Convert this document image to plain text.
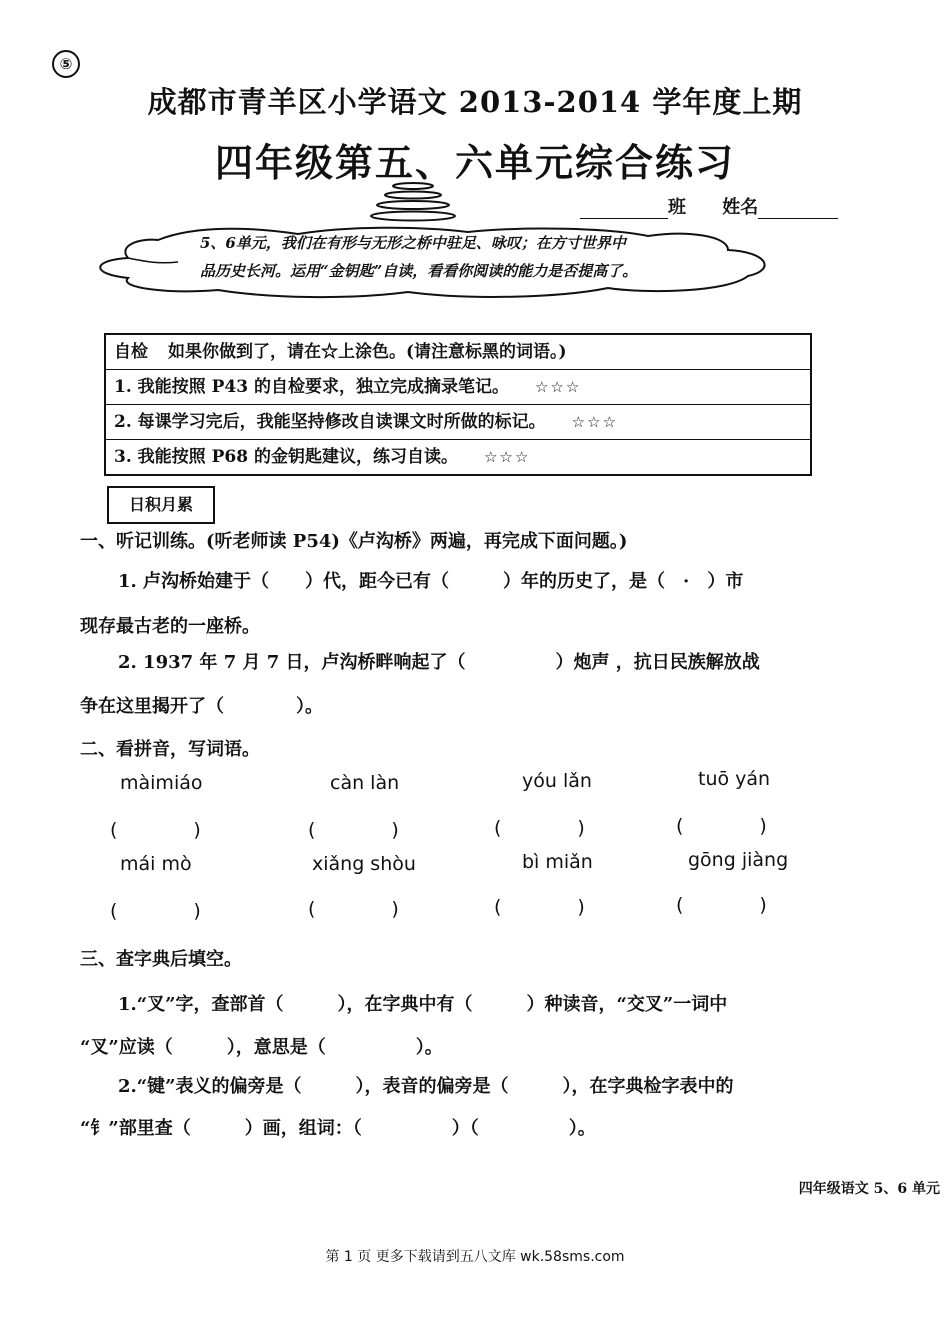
⑤
成都市青羊区小学语文 2013-2014 学年度上期
四年级第五、六单元综合练习
班 姓名
5、6单元，我们在有形与无形之桥中驻足、咏叹；在方寸世界中
品历史长河。运用“金钥匙”自读，看看你阅读的能力是否提高了。
自检 如果你做到了，请在☆上涂色。(请注意标黑的词语。)
1. 我能按照 P43 的自检要求，独立完成摘录笔记。 ☆☆☆
2. 每课学习完后，我能坚持修改自读课文时所做的标记。 ☆☆☆
3. 我能按照 P68 的金钥匙建议，练习自读。 ☆☆☆
日积月累
一、听记训练。(听老师读 P54)《卢沟桥》两遍，再完成下面问题。)
1. 卢沟桥始建于（　　）代，距今已有（　　　）年的历史了，是（　·　）市
现存最古老的一座桥。
2. 1937 年 7 月 7 日，卢沟桥畔响起了（　　　　　）炮声 ，抗日民族解放战
争在这里揭开了（　　　　）。
二、看拼音，写词语。
màimiáo	càn làn	yóu lǎn	tuō yán
(　　　　)	(　　　　)	(　　　　)	(　　　　)
mái mò	xiǎng shòu	bì miǎn	gōng jiàng
(　　　　)	(　　　　)	(　　　　)	(　　　　)
三、查字典后填空。
1.“叉”字，查部首（　　　），在字典中有（　　　）种读音，“交叉”一词中
“叉”应读（　　　），意思是（　　　　　）。
2.“键”表义的偏旁是（　　　），表音的偏旁是（　　　），在字典检字表中的
“钅”部里查（　　　）画，组词：（　　　　　）（　　　　　）。
四年级语文 5、6 单元
第 1 页 更多下载请到五八文库 wk.58sms.com
